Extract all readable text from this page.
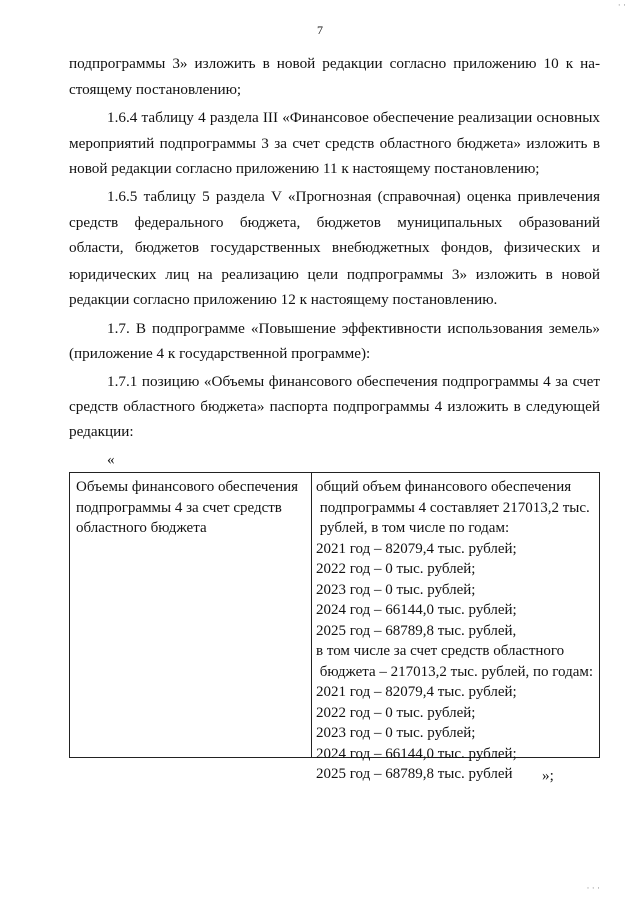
7
подпрограммы 3» изложить в новой редакции согласно приложению 10 к на-
стоящему постановлению;
1.6.4 таблицу 4 раздела III «Финансовое обеспечение реализации основных
мероприятий подпрограммы 3 за счет средств областного бюджета» изложить в
новой редакции согласно приложению 11 к настоящему постановлению;
1.6.5 таблицу 5 раздела V «Прогнозная (справочная) оценка привлечения
средств федерального бюджета, бюджетов муниципальных образований
области, бюджетов государственных внебюджетных фондов, физических и
юридических лиц на реализацию цели подпрограммы 3» изложить в новой
редакции согласно приложению 12 к настоящему постановлению.
1.7. В подпрограмме «Повышение эффективности использования земель»
(приложение 4 к государственной программе):
1.7.1 позицию «Объемы финансового обеспечения подпрограммы 4 за счет
средств областного бюджета» паспорта подпрограммы 4 изложить в следующей
редакции:
«
Объемы финансового обеспечения
подпрограммы 4 за счет средств
областного бюджета
общий объем финансового обеспечения
подпрограммы 4 составляет 217013,2 тыс.
рублей, в том числе по годам:
2021 год – 82079,4 тыс. рублей;
2022 год – 0 тыс. рублей;
2023 год – 0 тыс. рублей;
2024 год – 66144,0 тыс. рублей;
2025 год – 68789,8 тыс. рублей,
в том числе за счет средств областного
бюджета – 217013,2 тыс. рублей, по годам:
2021 год – 82079,4 тыс. рублей;
2022 год – 0 тыс. рублей;
2023 год – 0 тыс. рублей;
2024 год – 66144,0 тыс. рублей;
2025 год – 68789,8 тыс. рублей	»;
· ·
· · ·
